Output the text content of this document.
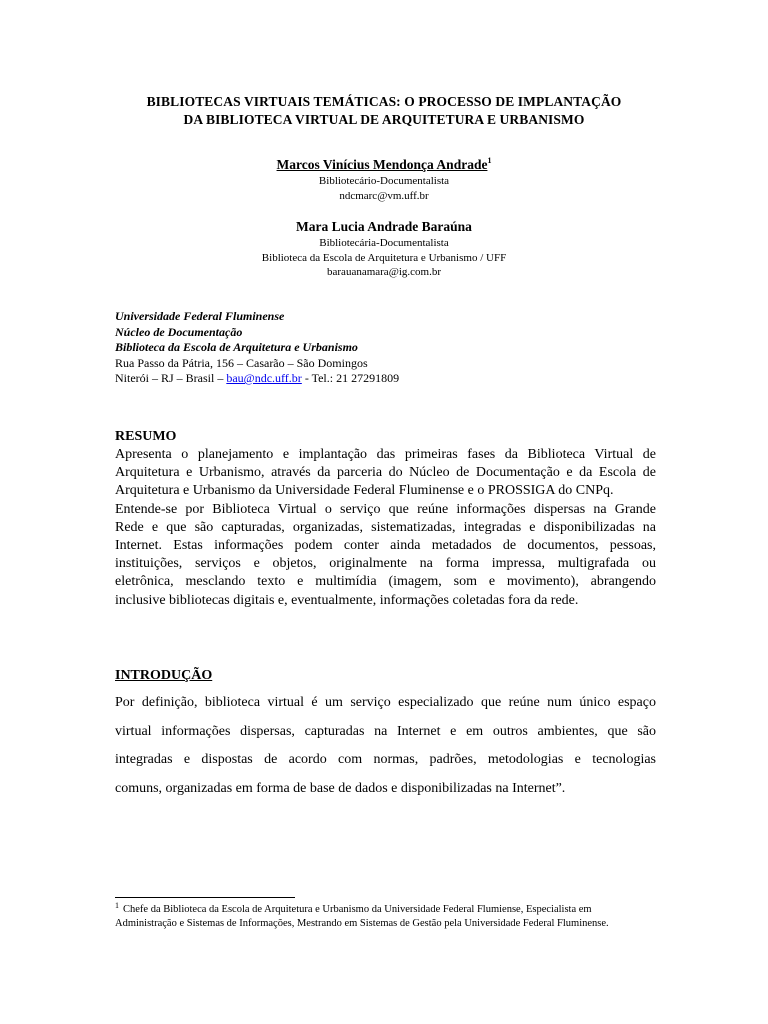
BIBLIOTECAS VIRTUAIS TEMÁTICAS: O PROCESSO DE IMPLANTAÇÃO
DA BIBLIOTECA VIRTUAL DE ARQUITETURA E URBANISMO
Marcos Vinícius Mendonça Andrade$^1$
Bibliotecário-Documentalista
ndcmarc@vm.uff.br
Mara Lucia Andrade Baraúna
Bibliotecária-Documentalista
Biblioteca da Escola de Arquitetura e Urbanismo / UFF
barauanamara@ig.com.br
Universidade Federal Fluminense
Núcleo de Documentação
Biblioteca da Escola de Arquitetura e Urbanismo
Rua Passo da Pátria, 156 – Casarão – São Domingos
Niterói – RJ – Brasil – bau@ndc.uff.br - Tel.: 21 27291809
RESUMO
Apresenta o planejamento e implantação das primeiras fases da Biblioteca Virtual de
Arquitetura e Urbanismo, através da parceria do Núcleo de Documentação e da Escola de
Arquitetura e Urbanismo da Universidade Federal Fluminense e o PROSSIGA do CNPq.
Entende-se por Biblioteca Virtual o serviço que reúne informações dispersas na Grande
Rede e que são capturadas, organizadas, sistematizadas, integradas e disponibilizadas na
Internet. Estas informações podem conter ainda metadados de documentos, pessoas,
instituições, serviços e objetos, originalmente na forma impressa, multigrafada ou
eletrônica, mesclando texto e multimídia (imagem, som e movimento), abrangendo
inclusive bibliotecas digitais e, eventualmente, informações coletadas fora da rede.
INTRODUÇÃO
Por definição, biblioteca virtual é um serviço especializado que reúne num único espaço
virtual informações dispersas, capturadas na Internet e em outros ambientes, que são
integradas e dispostas de acordo com normas, padrões, metodologias e tecnologias
comuns, organizadas em forma de base de dados e disponibilizadas na Internet”.
$^1$ Chefe da Biblioteca da Escola de Arquitetura e Urbanismo da Universidade Federal Flumiense, Especialista em
Administração e Sistemas de Informações, Mestrando em Sistemas de Gestão pela Universidade Federal Fluminense.
